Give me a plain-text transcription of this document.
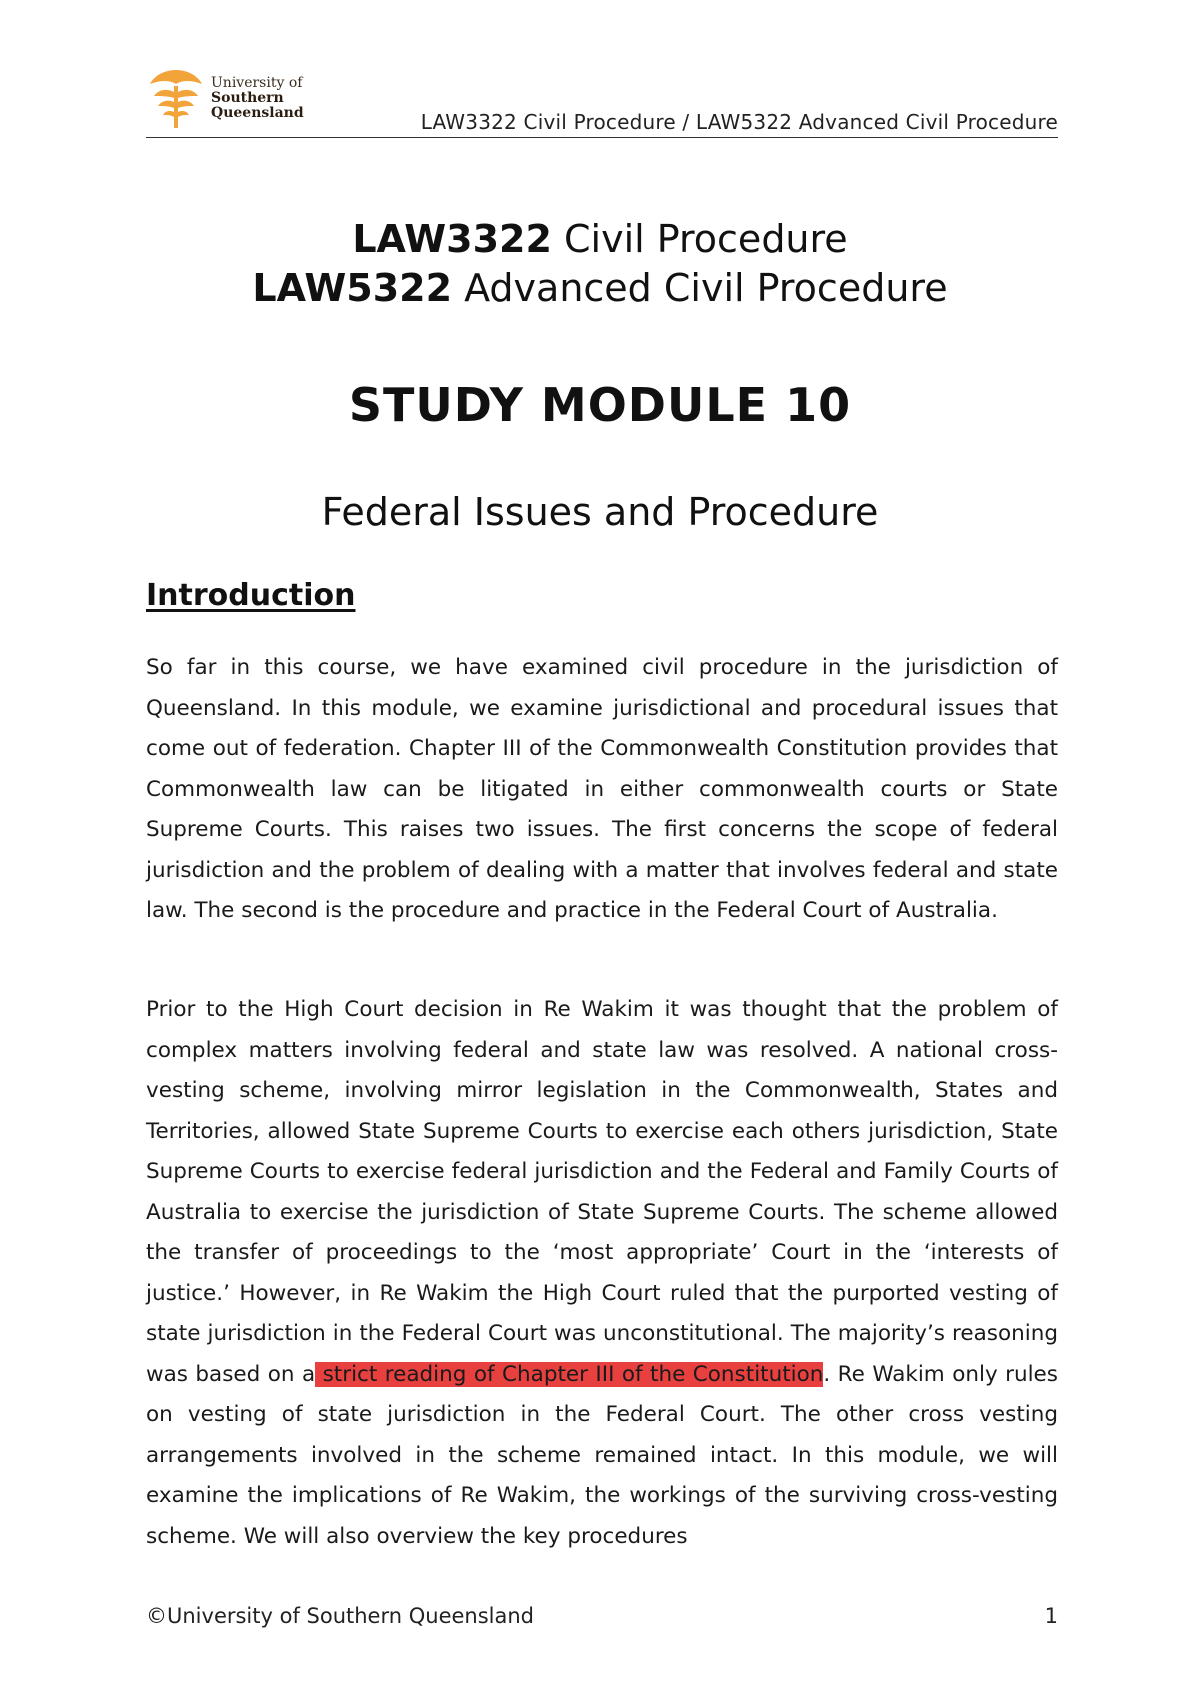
University of
Southern
Queensland	LAW3322 Civil Procedure / LAW5322 Advanced Civil Procedure
LAW3322 Civil Procedure
LAW5322 Advanced Civil Procedure
STUDY MODULE 10
Federal Issues and Procedure
Introduction
So far in this course, we have examined civil procedure in the jurisdiction of Queensland. In this module, we examine jurisdictional and procedural issues that come out of federation. Chapter III of the Commonwealth Constitution provides that Commonwealth law can be litigated in either commonwealth courts or State Supreme Courts. This raises two issues. The first concerns the scope of federal jurisdiction and the problem of dealing with a matter that involves federal and state law. The second is the procedure and practice in the Federal Court of Australia.
Prior to the High Court decision in Re Wakim it was thought that the problem of complex matters involving federal and state law was resolved. A national cross-vesting scheme, involving mirror legislation in the Commonwealth, States and Territories, allowed State Supreme Courts to exercise each others jurisdiction, State Supreme Courts to exercise federal jurisdiction and the Federal and Family Courts of Australia to exercise the jurisdiction of State Supreme Courts. The scheme allowed the transfer of proceedings to the ‘most appropriate’ Court in the ‘interests of justice.’ However, in Re Wakim the High Court ruled that the purported vesting of state jurisdiction in the Federal Court was unconstitutional. The majority’s reasoning was based on a strict reading of Chapter III of the Constitution. Re Wakim only rules on vesting of state jurisdiction in the Federal Court. The other cross vesting arrangements involved in the scheme remained intact. In this module, we will examine the implications of Re Wakim, the workings of the surviving cross-vesting scheme. We will also overview the key procedures
©University of Southern Queensland	1
